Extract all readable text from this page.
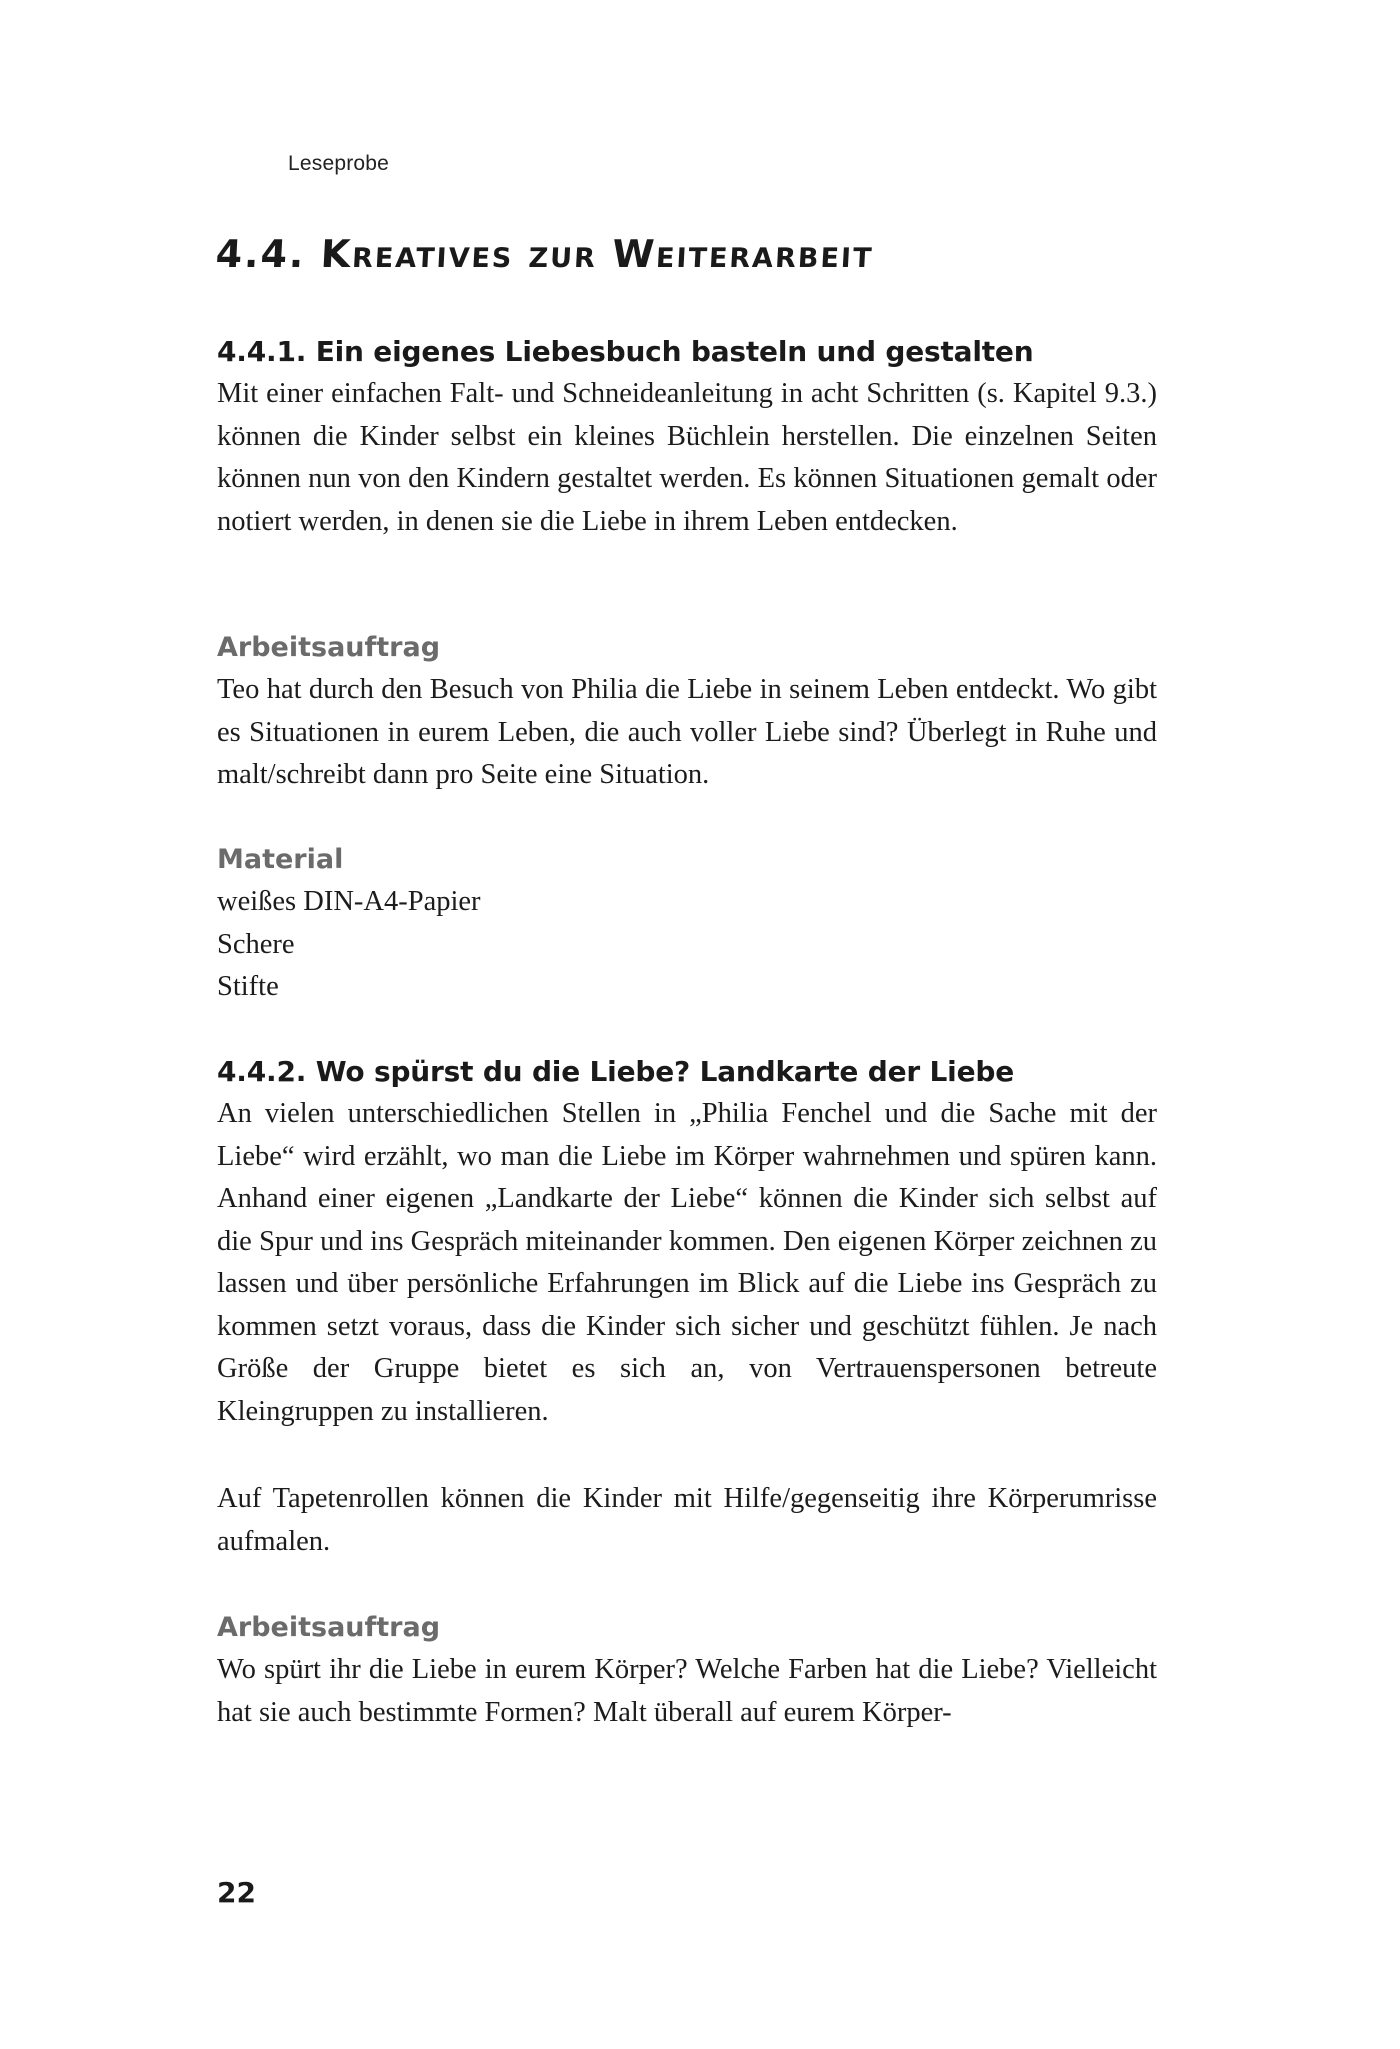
Leseprobe
4.4. Kreatives zur Weiterarbeit
4.4.1. Ein eigenes Liebesbuch basteln und gestalten

Mit einer einfachen Falt- und Schneideanleitung in acht Schritten (s. Kapitel 9.3.) können die Kinder selbst ein kleines Büchlein herstellen. Die einzelnen Seiten können nun von den Kindern gestaltet werden. Es können Situationen gemalt oder notiert werden, in denen sie die Liebe in ihrem Leben entdecken.

Arbeitsauftrag

Teo hat durch den Besuch von Philia die Liebe in seinem Leben entdeckt. Wo gibt es Situationen in eurem Leben, die auch voller Liebe sind? Überlegt in Ruhe und malt/schreibt dann pro Seite eine Situation.

Material
weißes DIN-A4-Papier
Schere
Stifte
4.4.2. Wo spürst du die Liebe? Landkarte der Liebe

An vielen unterschiedlichen Stellen in „Philia Fenchel und die Sache mit der Liebe“ wird erzählt, wo man die Liebe im Körper wahrnehmen und spüren kann. Anhand einer eigenen „Landkarte der Liebe“ können die Kinder sich selbst auf die Spur und ins Gespräch miteinander kommen. Den eigenen Körper zeichnen zu lassen und über persönliche Erfahrungen im Blick auf die Liebe ins Gespräch zu kommen setzt voraus, dass die Kinder sich sicher und geschützt fühlen. Je nach Größe der Gruppe bietet es sich an, von Vertrauenspersonen betreute Kleingruppen zu installieren.

Auf Tapetenrollen können die Kinder mit Hilfe/gegenseitig ihre Körperumrisse aufmalen.

Arbeitsauftrag

Wo spürt ihr die Liebe in eurem Körper? Welche Farben hat die Liebe? Vielleicht hat sie auch bestimmte Formen? Malt überall auf eurem Körper-

22
